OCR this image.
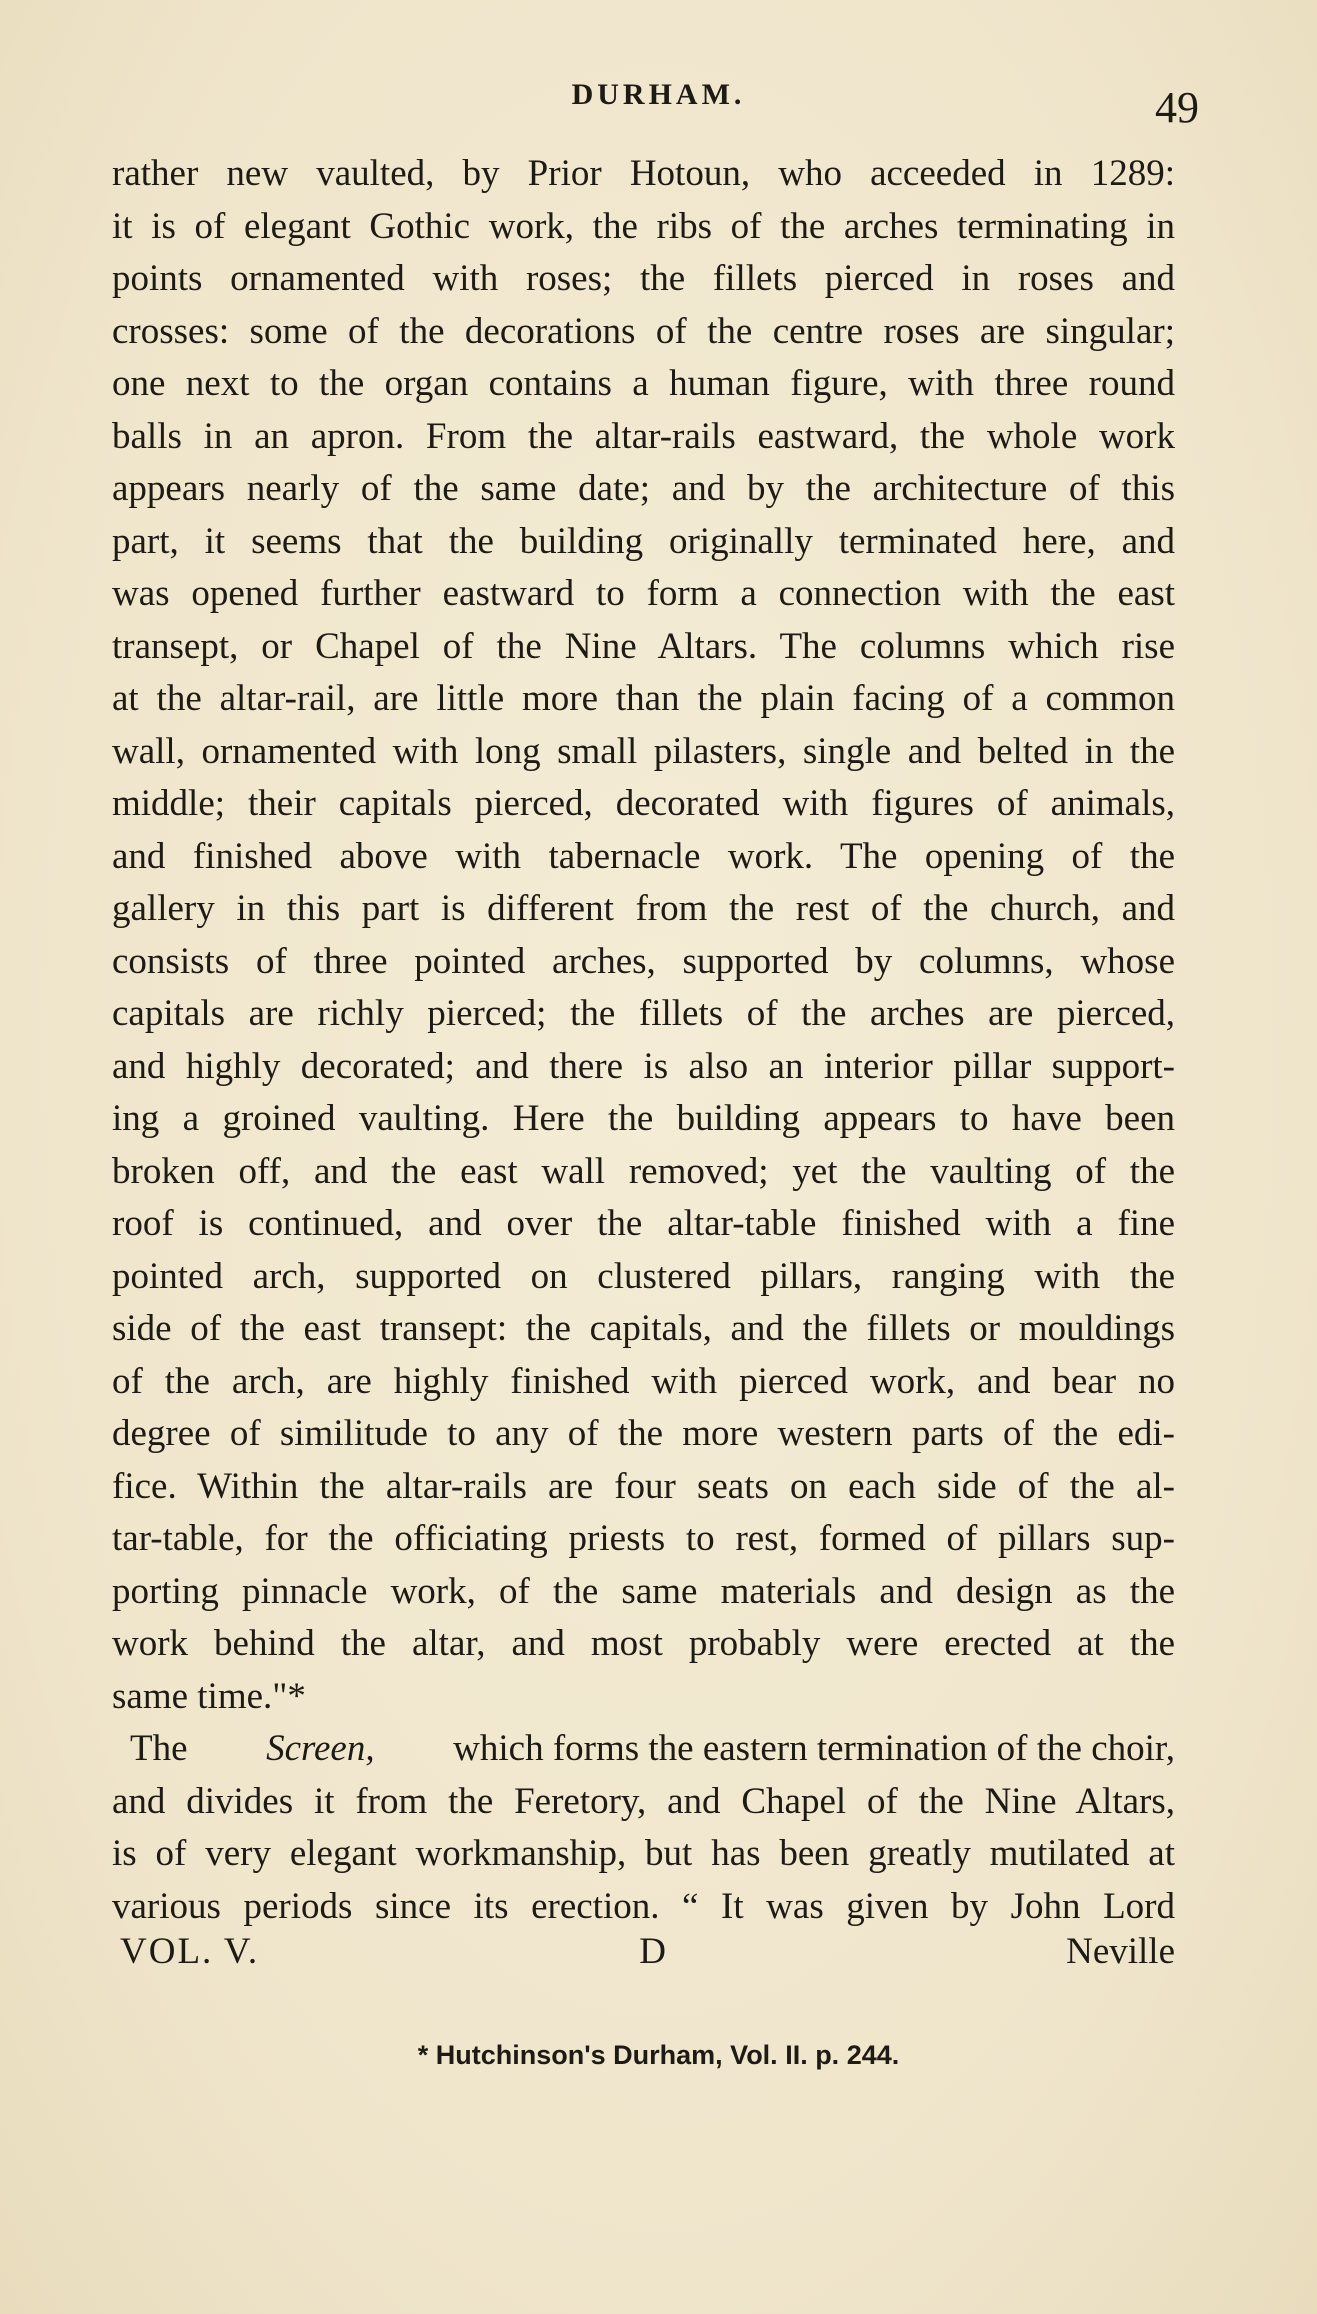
DURHAM.	49
rather new vaulted, by Prior Hotoun, who acceeded in 1289:
it is of elegant Gothic work, the ribs of the arches terminating in
points ornamented with roses; the fillets pierced in roses and
crosses: some of the decorations of the centre roses are singular;
one next to the organ contains a human figure, with three round
balls in an apron. From the altar-rails eastward, the whole work
appears nearly of the same date; and by the architecture of this
part, it seems that the building originally terminated here, and
was opened further eastward to form a connection with the east
transept, or Chapel of the Nine Altars. The columns which rise
at the altar-rail, are little more than the plain facing of a common
wall, ornamented with long small pilasters, single and belted in the
middle; their capitals pierced, decorated with figures of animals,
and finished above with tabernacle work. The opening of the
gallery in this part is different from the rest of the church, and
consists of three pointed arches, supported by columns, whose
capitals are richly pierced; the fillets of the arches are pierced,
and highly decorated; and there is also an interior pillar support-
ing a groined vaulting. Here the building appears to have been
broken off, and the east wall removed; yet the vaulting of the
roof is continued, and over the altar-table finished with a fine
pointed arch, supported on clustered pillars, ranging with the
side of the east transept: the capitals, and the fillets or mouldings
of the arch, are highly finished with pierced work, and bear no
degree of similitude to any of the more western parts of the edi-
fice. Within the altar-rails are four seats on each side of the al-
tar-table, for the officiating priests to rest, formed of pillars sup-
porting pinnacle work, of the same materials and design as the
work behind the altar, and most probably were erected at the
same time."*
The Screen, which forms the eastern termination of the choir,
and divides it from the Feretory, and Chapel of the Nine Altars,
is of very elegant workmanship, but has been greatly mutilated at
various periods since its erection. “ It was given by John Lord
VOL. V.	D	Neville
* Hutchinson's Durham, Vol. II. p. 244.
